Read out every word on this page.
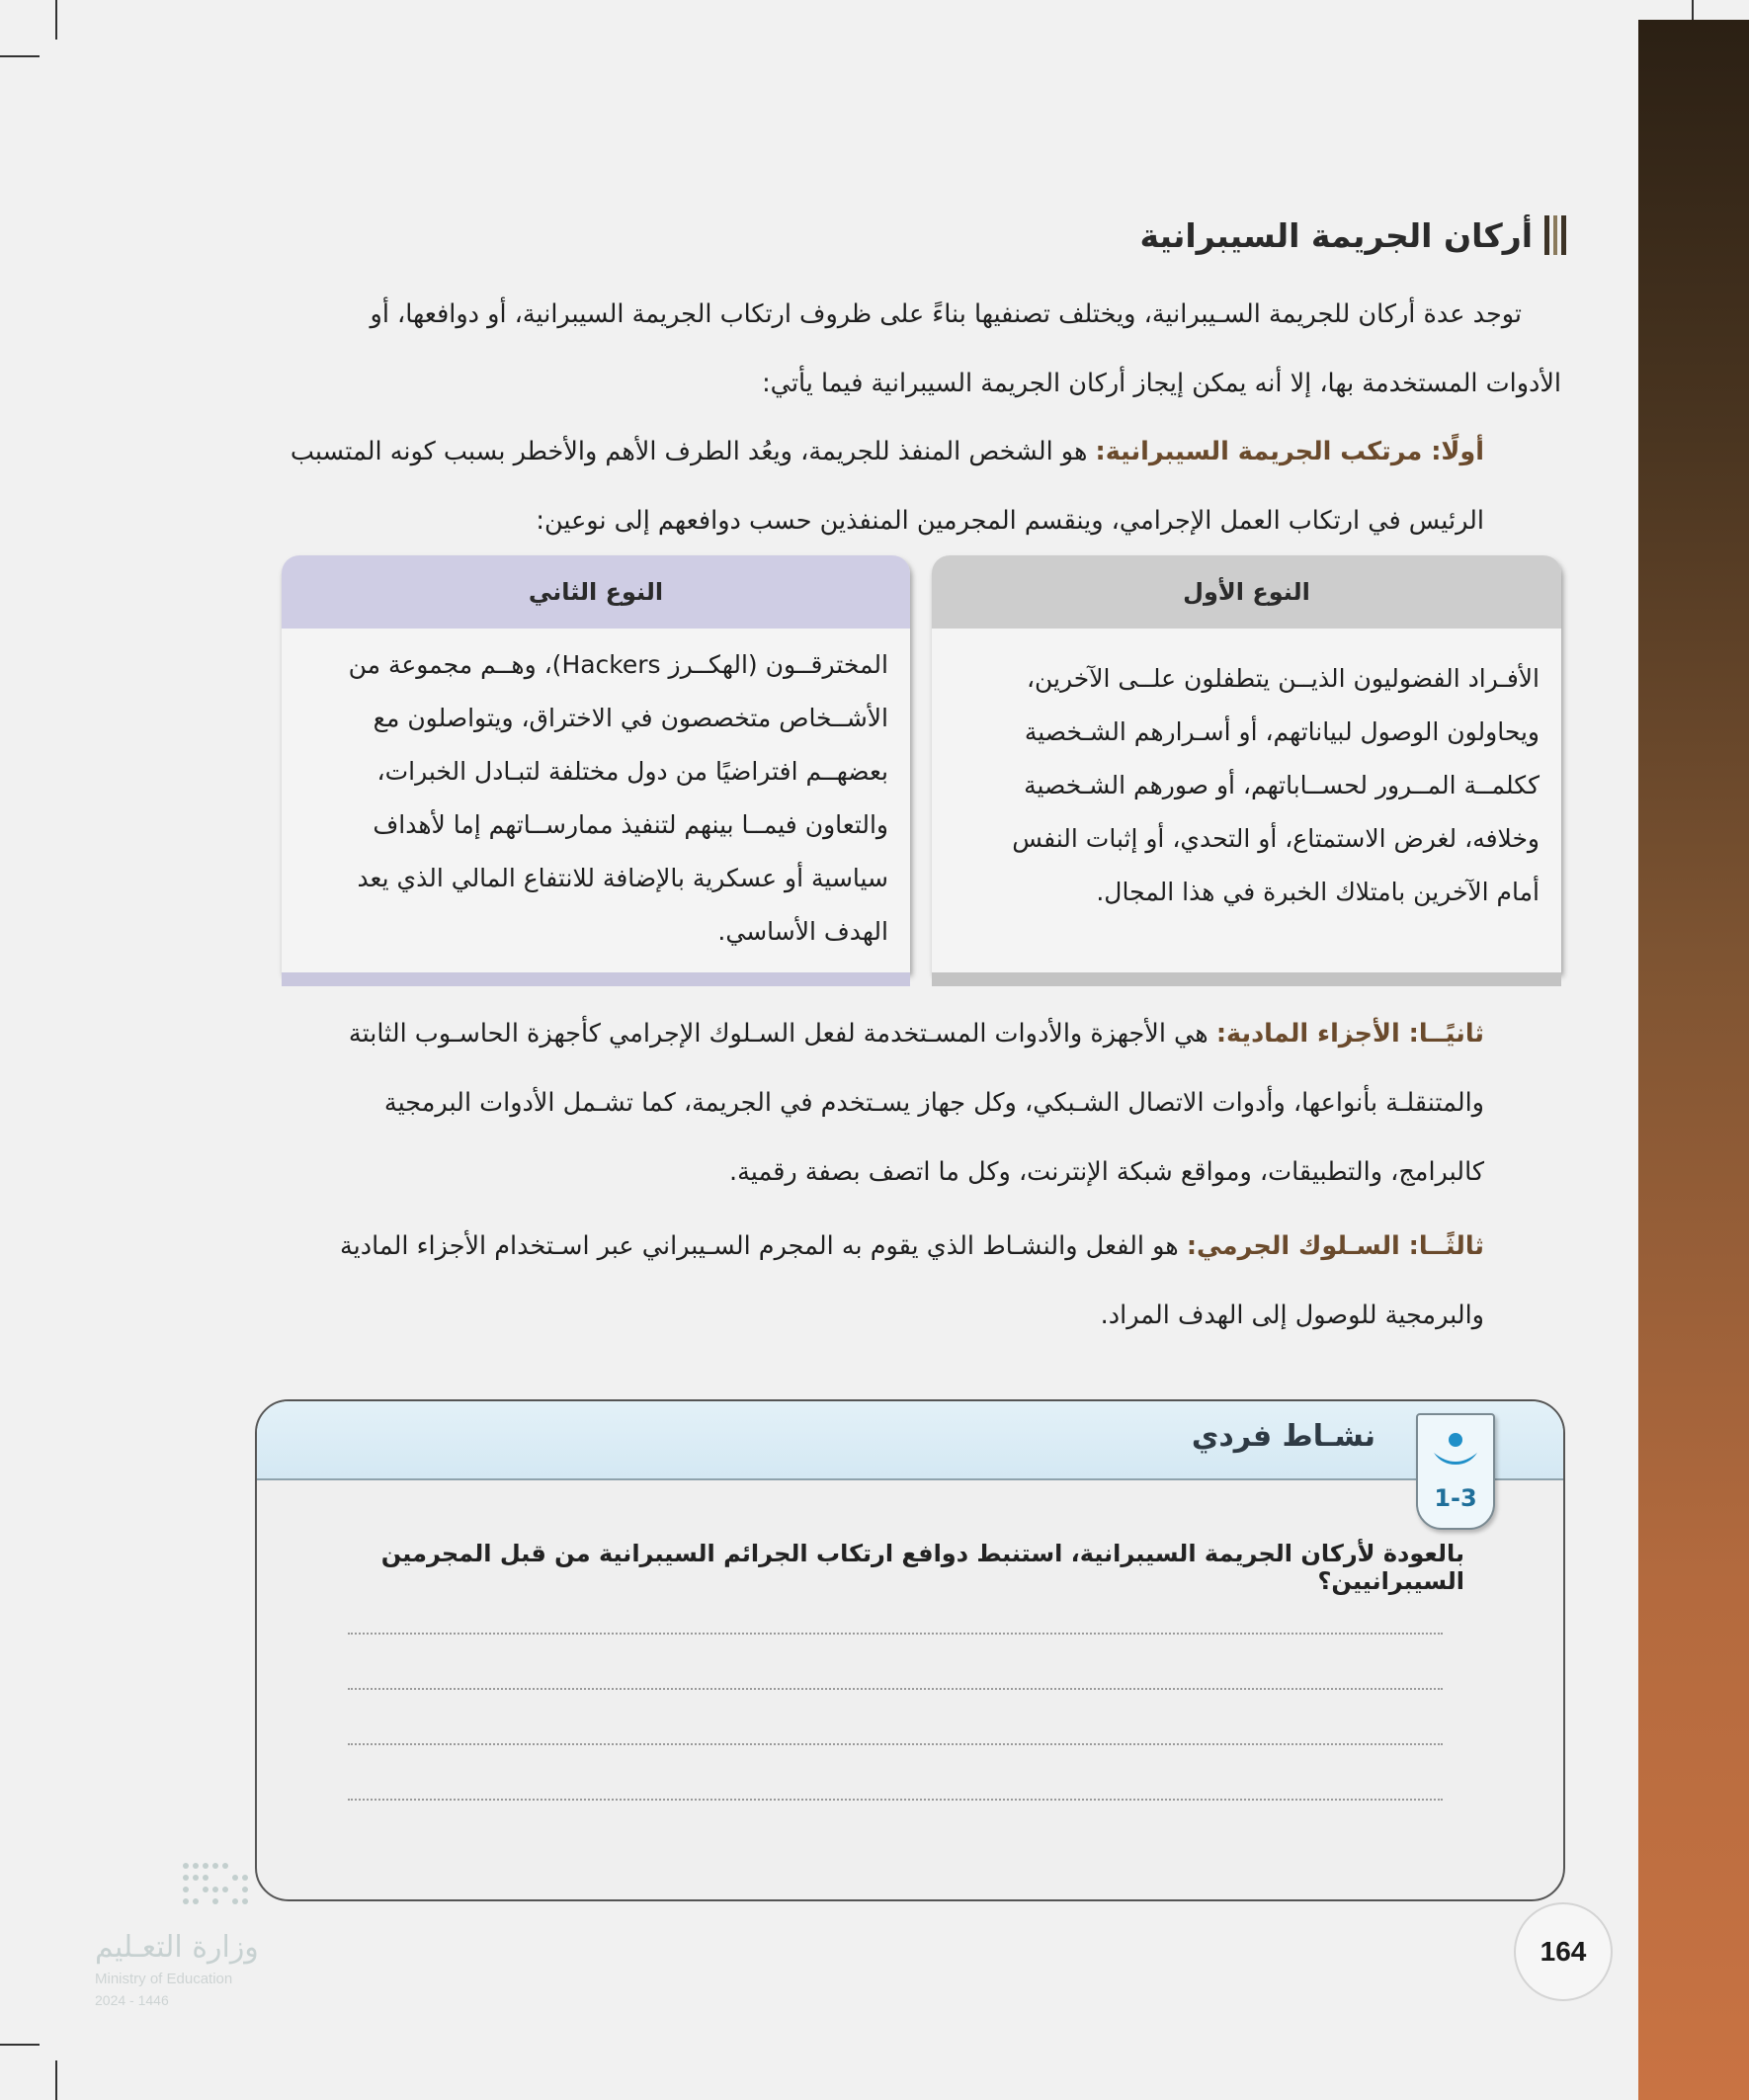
أركان الجريمة السيبرانية
توجد عدة أركان للجريمة السـيبرانية، ويختلف تصنفيها بناءً على ظروف ارتكاب الجريمة السيبرانية، أو دوافعها، أو
الأدوات المستخدمة بها، إلا أنه يمكن إيجاز أركان الجريمة السيبرانية فيما يأتي:
أولًا: مرتكب الجريمة السيبرانية: هو الشخص المنفذ للجريمة، ويعُد الطرف الأهم والأخطر بسبب كونه المتسبب
الرئيس في ارتكاب العمل الإجرامي، وينقسم المجرمين المنفذين حسب دوافعهم إلى نوعين:
النوع الأول
الأفـراد الفضوليون الذيــن يتطفلون علــى الآخرين،
ويحاولون الوصول لبياناتهم، أو أسـرارهم الشـخصية
ككلمــة المــرور لحســاباتهم، أو صورهم الشـخصية
وخلافه، لغرض الاستمتاع، أو التحدي، أو إثبات النفس
أمام الآخرين بامتلاك الخبرة في هذا المجال.
النوع الثاني
المخترقــون (الهكــرز Hackers)، وهــم مجموعة من
الأشــخاص متخصصون في الاختراق، ويتواصلون مع
بعضهــم افتراضيًا من دول مختلفة لتبـادل الخبرات،
والتعاون فيمــا بينهم لتنفيذ ممارســاتهم إما لأهداف
سياسية أو عسكرية بالإضافة للانتفاع المالي الذي يعد
الهدف الأساسي.
ثانيًــا: الأجزاء المادية: هي الأجهزة والأدوات المسـتخدمة لفعل السـلوك الإجرامي كأجهزة الحاسـوب الثابتة
والمتنقلـة بأنواعها، وأدوات الاتصال الشـبكي، وكل جهاز يسـتخدم في الجريمة، كما تشـمل الأدوات البرمجية
كالبرامج، والتطبيقات، ومواقع شبكة الإنترنت، وكل ما اتصف بصفة رقمية.
ثالثًــا: السـلوك الجرمي: هو الفعل والنشـاط الذي يقوم به المجرم السـيبراني عبر اسـتخدام الأجزاء المادية
والبرمجية للوصول إلى الهدف المراد.
نشـاط فردي
بالعودة لأركان الجريمة السيبرانية، استنبط دوافع ارتكاب الجرائم السيبرانية من قبل المجرمين السيبرانيين؟
1-3
164
وزارة التعـليم
Ministry of Education
2024 - 1446
